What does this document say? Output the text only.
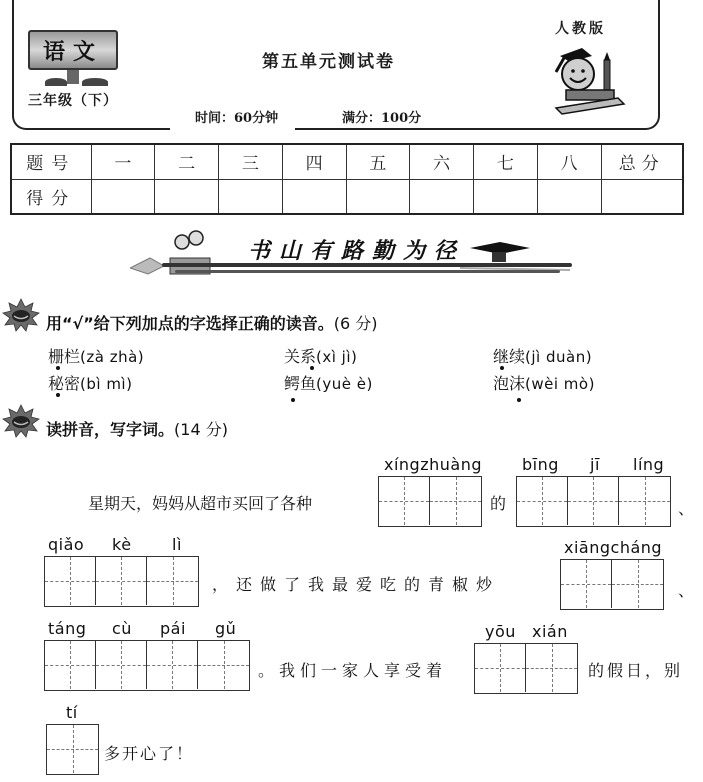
语文
三年级（下）
第五单元测试卷
时间：60分钟	满分：100分
人教版
题号	一	二	三	四	五	六	七	八	总分
得分									
书山有路勤为径
用“√”给下列加点的字选择正确的读音。(6 分)
栅栏(zà zhà)	关系(xì jì)	继续(jì duàn)
秘密(bì mì)	鳄鱼(yuè è)	泡沫(wèi mò)
读拼音，写字词。(14 分)
星期天，妈妈从超市买回了各种
xíngzhuàng
的
bīng jī líng
、
qiǎo kè	lì
，还做了我最爱吃的青椒炒
xiāngcháng
、
táng cù pái gǔ
。我们一家人享受着
yōu xián
的假日，别
tí
多开心了！
